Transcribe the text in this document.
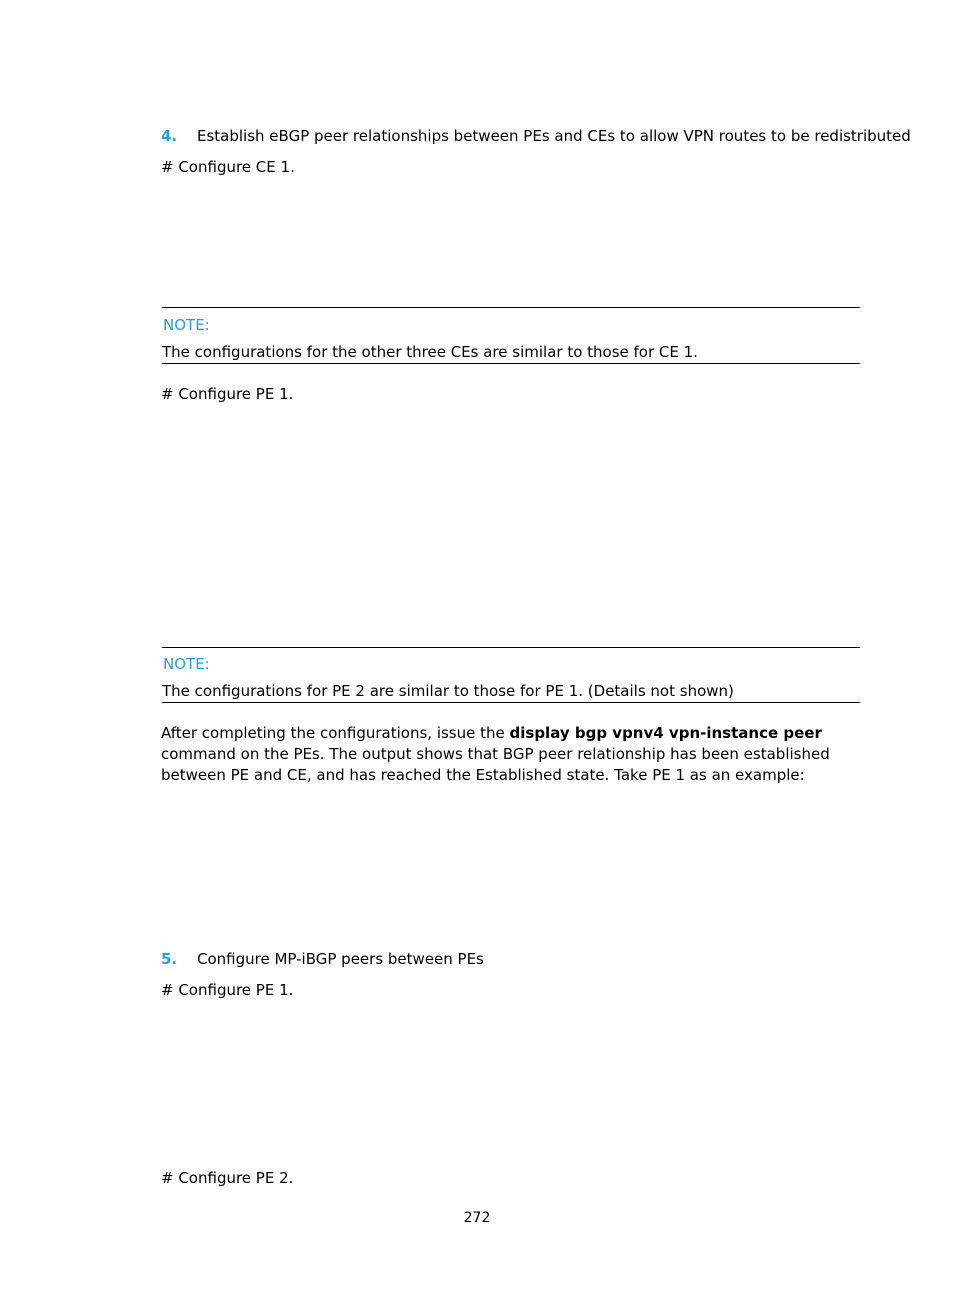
4. Establish eBGP peer relationships between PEs and CEs to allow VPN routes to be redistributed
# Configure CE 1.
NOTE:
The configurations for the other three CEs are similar to those for CE 1.
# Configure PE 1.
NOTE:
The configurations for PE 2 are similar to those for PE 1. (Details not shown)
After completing the configurations, issue the display bgp vpnv4 vpn-instance peer command on the PEs. The output shows that BGP peer relationship has been established between PE and CE, and has reached the Established state. Take PE 1 as an example:
5. Configure MP-iBGP peers between PEs
# Configure PE 1.
# Configure PE 2.
272
